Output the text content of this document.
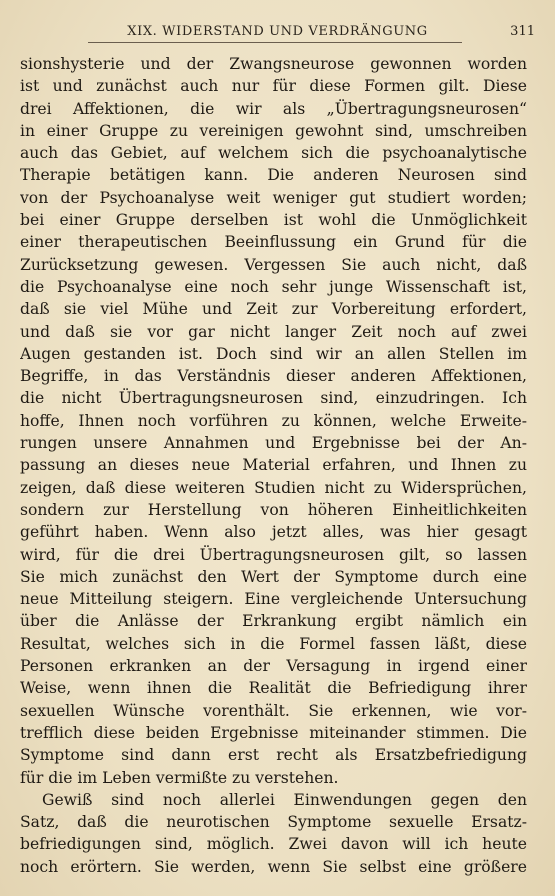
XIX. WIDERSTAND UND VERDRÄNGUNG	311
sionshysterie und der Zwangsneurose gewonnen worden
ist und zunächst auch nur für diese Formen gilt. Diese
drei Affektionen, die wir als „Übertragungsneurosen“
in einer Gruppe zu vereinigen gewohnt sind, umschreiben
auch das Gebiet, auf welchem sich die psychoanalytische
Therapie betätigen kann. Die anderen Neurosen sind
von der Psychoanalyse weit weniger gut studiert worden;
bei einer Gruppe derselben ist wohl die Unmöglichkeit
einer therapeutischen Beeinflussung ein Grund für die
Zurücksetzung gewesen. Vergessen Sie auch nicht, daß
die Psychoanalyse eine noch sehr junge Wissenschaft ist,
daß sie viel Mühe und Zeit zur Vorbereitung erfordert,
und daß sie vor gar nicht langer Zeit noch auf zwei
Augen gestanden ist. Doch sind wir an allen Stellen im
Begriffe, in das Verständnis dieser anderen Affektionen,
die nicht Übertragungsneurosen sind, einzudringen. Ich
hoffe, Ihnen noch vorführen zu können, welche Erweite-
rungen unsere Annahmen und Ergebnisse bei der An-
passung an dieses neue Material erfahren, und Ihnen zu
zeigen, daß diese weiteren Studien nicht zu Widersprüchen,
sondern zur Herstellung von höheren Einheitlichkeiten
geführt haben. Wenn also jetzt alles, was hier gesagt
wird, für die drei Übertragungsneurosen gilt, so lassen
Sie mich zunächst den Wert der Symptome durch eine
neue Mitteilung steigern. Eine vergleichende Untersuchung
über die Anlässe der Erkrankung ergibt nämlich ein
Resultat, welches sich in die Formel fassen läßt, diese
Personen erkranken an der Versagung in irgend einer
Weise, wenn ihnen die Realität die Befriedigung ihrer
sexuellen Wünsche vorenthält. Sie erkennen, wie vor-
trefflich diese beiden Ergebnisse miteinander stimmen. Die
Symptome sind dann erst recht als Ersatzbefriedigung
für die im Leben vermißte zu verstehen.
Gewiß sind noch allerlei Einwendungen gegen den
Satz, daß die neurotischen Symptome sexuelle Ersatz-
befriedigungen sind, möglich. Zwei davon will ich heute
noch erörtern. Sie werden, wenn Sie selbst eine größere
